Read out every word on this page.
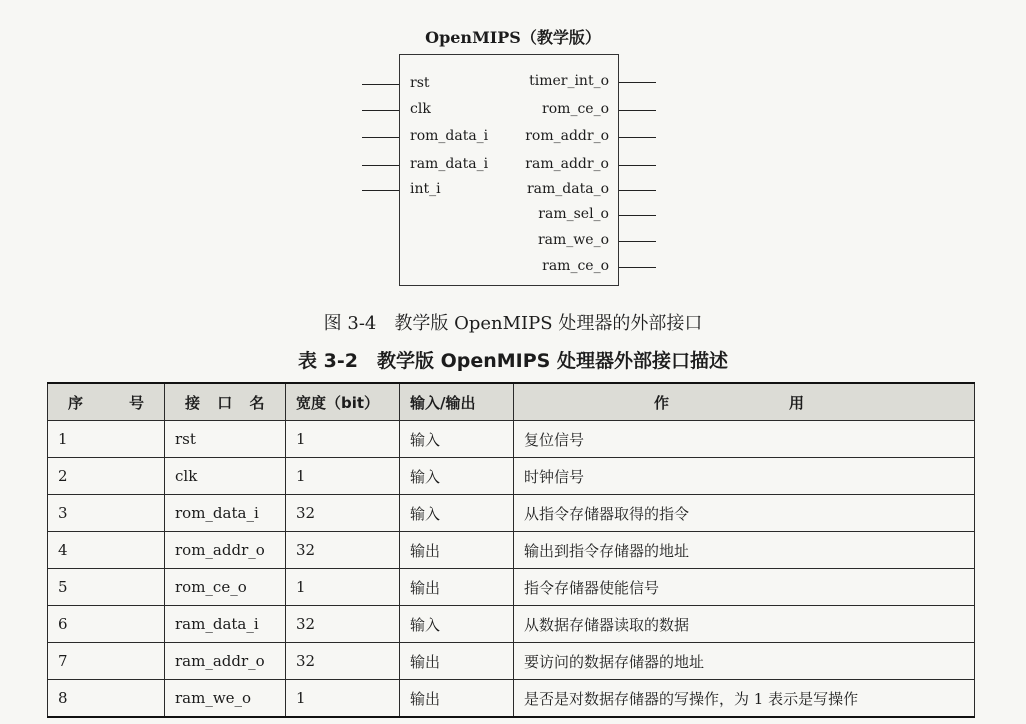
OpenMIPS（教学版）
rst
clk
rom_data_i
ram_data_i
int_i
timer_int_o
rom_ce_o
rom_addr_o
ram_addr_o
ram_data_o
ram_sel_o
ram_we_o
ram_ce_o
图 3-4　教学版 OpenMIPS 处理器的外部接口
表 3-2　教学版 OpenMIPS 处理器外部接口描述
序　　号	接 口 名	宽度（bit）	输入/输出	作　　用
1	rst	1	输入	复位信号
2	clk	1	输入	时钟信号
3	rom_data_i	32	输入	从指令存储器取得的指令
4	rom_addr_o	32	输出	输出到指令存储器的地址
5	rom_ce_o	1	输出	指令存储器使能信号
6	ram_data_i	32	输入	从数据存储器读取的数据
7	ram_addr_o	32	输出	要访问的数据存储器的地址
8	ram_we_o	1	输出	是否是对数据存储器的写操作，为 1 表示是写操作
